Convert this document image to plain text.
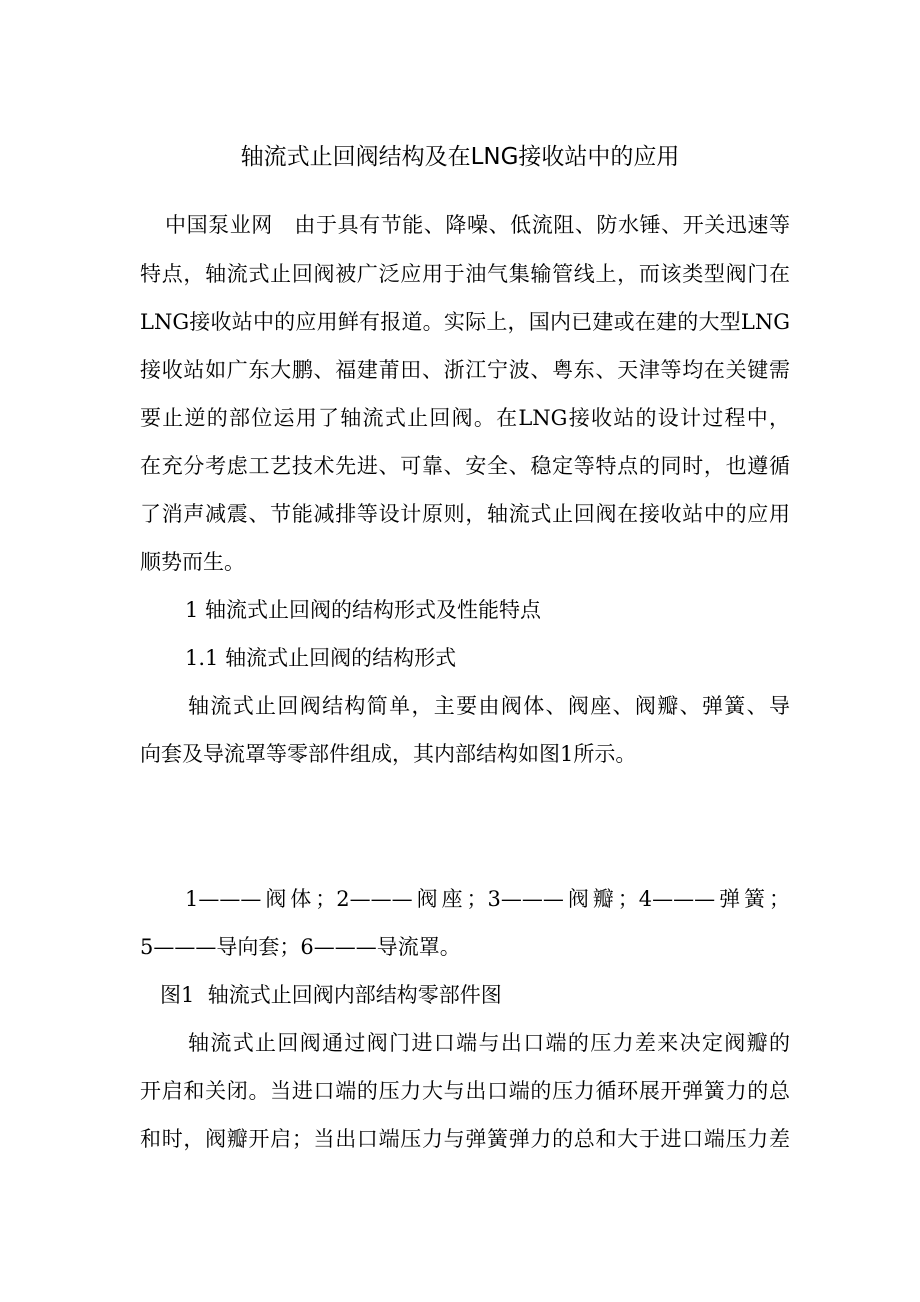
轴流式止回阀结构及在LNG接收站中的应用
中国泵业网　由于具有节能、降噪、低流阻、防水锤、开关迅速等
特点，轴流式止回阀被广泛应用于油气集输管线上，而该类型阀门在
LNG接收站中的应用鲜有报道。实际上，国内已建或在建的大型LNG
接收站如广东大鹏、福建莆田、浙江宁波、粤东、天津等均在关键需
要止逆的部位运用了轴流式止回阀。在LNG接收站的设计过程中，
在充分考虑工艺技术先进、可靠、安全、稳定等特点的同时，也遵循
了消声减震、节能减排等设计原则，轴流式止回阀在接收站中的应用
顺势而生。
1 轴流式止回阀的结构形式及性能特点
1.1 轴流式止回阀的结构形式
轴流式止回阀结构简单，主要由阀体、阀座、阀瓣、弹簧、导
向套及导流罩等零部件组成，其内部结构如图1所示。
1———阀体；2———阀座；3———阀瓣；4———弹簧；
5———导向套；6———导流罩。
图1  轴流式止回阀内部结构零部件图
轴流式止回阀通过阀门进口端与出口端的压力差来决定阀瓣的
开启和关闭。当进口端的压力大与出口端的压力循环展开弹簧力的总
和时，阀瓣开启；当出口端压力与弹簧弹力的总和大于进口端压力差
